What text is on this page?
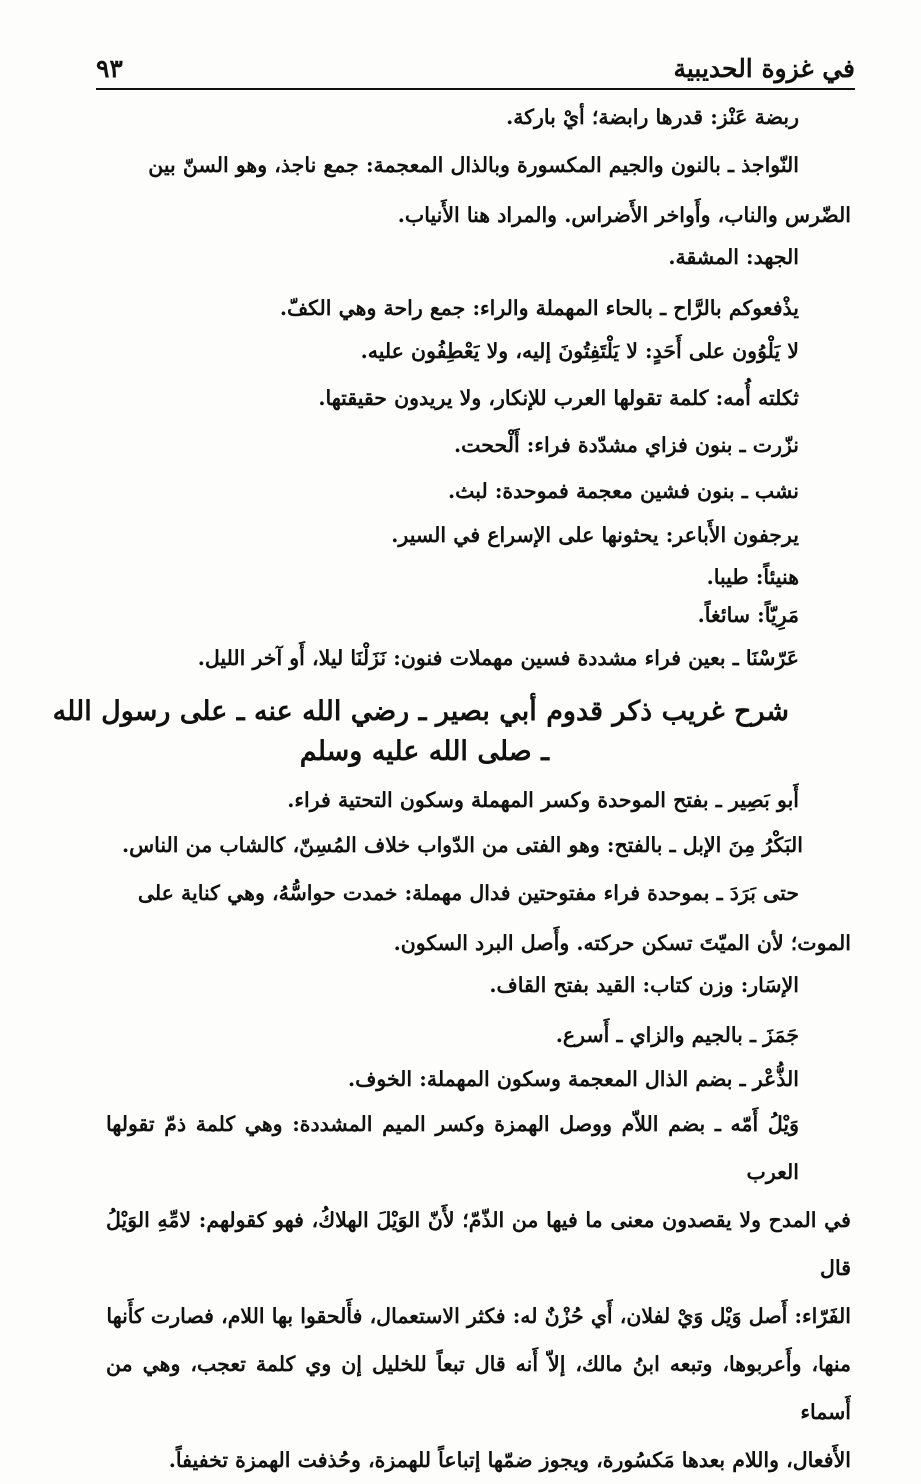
في غزوة الحديبية
٩٣

ربضة عَنْز: قدرها رابضة؛ أيْ باركة.

النّواجذ ـ بالنون والجيم المكسورة وبالذال المعجمة: جمع ناجذ، وهو السنّ بين
الضّرس والناب، وأَواخر الأَضراس. والمراد هنا الأَنياب.

الجهد: المشقة.

يذْفعوكم بالرَّاح ـ بالحاء المهملة والراء: جمع راحة وهي الكفّ.

لا يَلْوُون على أَحَدٍ: لا يَلْتَفِتُونَ إليه، ولا يَعْطِفُون عليه.

ثكلته أُمه: كلمة تقولها العرب للإنكار، ولا يريدون حقيقتها.

نزّرت ـ بنون فزاي مشدّدة فراء: أَلْححت.

نشب ـ بنون فشين معجمة فموحدة: لبث.

يرجفون الأَباعر: يحثونها على الإسراع في السير.

هنيئاً: طيبا.

مَرِيّاً: سائغاً.

عَرّسْنَا ـ بعين فراء مشددة فسين مهملات فنون: نَزَلْنَا ليلا، أَو آخر الليل.

شرح غريب ذكر قدوم أبي بصير ـ رضي الله عنه ـ على رسول الله
ـ صلى الله عليه وسلم

أَبو بَصِير ـ بفتح الموحدة وكسر المهملة وسكون التحتية فراء.

البَكْرُ مِنَ الإبل ـ بالفتح: وهو الفتى من الدّواب خلاف المُسِنّ، كالشاب من الناس.

حتى بَرَدَ ـ بموحدة فراء مفتوحتين فدال مهملة: خمدت حواسُّهُ، وهي كناية على
الموت؛ لأن الميّتَ تسكن حركته. وأَصل البرد السكون.

الإسَار: وزن كتاب: القيد بفتح القاف.

جَمَزَ ـ بالجيم والزاي ـ أَسرع.

الذُّعْر ـ بضم الذال المعجمة وسكون المهملة: الخوف.

وَيْلُ أَمّه ـ بضم اللاّم ووصل الهمزة وكسر الميم المشددة: وهي كلمة ذمّ تقولها العرب
في المدح ولا يقصدون معنى ما فيها من الذّمّ؛ لأَنّ الوَيْلَ الهلاكُ، فهو كقولهم: لامِّهِ الوَيْلُ قال
الفَرّاء: أَصل وَيْل وَيْ لفلان، أَي حُزْنٌ له: فكثر الاستعمال، فأَلحقوا بها اللام، فصارت كأَنها
منها، وأَعربوها، وتبعه ابنُ مالك، إلاّ أَنه قال تبعاً للخليل إن وي كلمة تعجب، وهي من أَسماء
الأَفعال، واللام بعدها مَكسُورة، ويجوز ضمّها إتباعاً للهمزة، وحُذفت الهمزة تخفيفاً.
